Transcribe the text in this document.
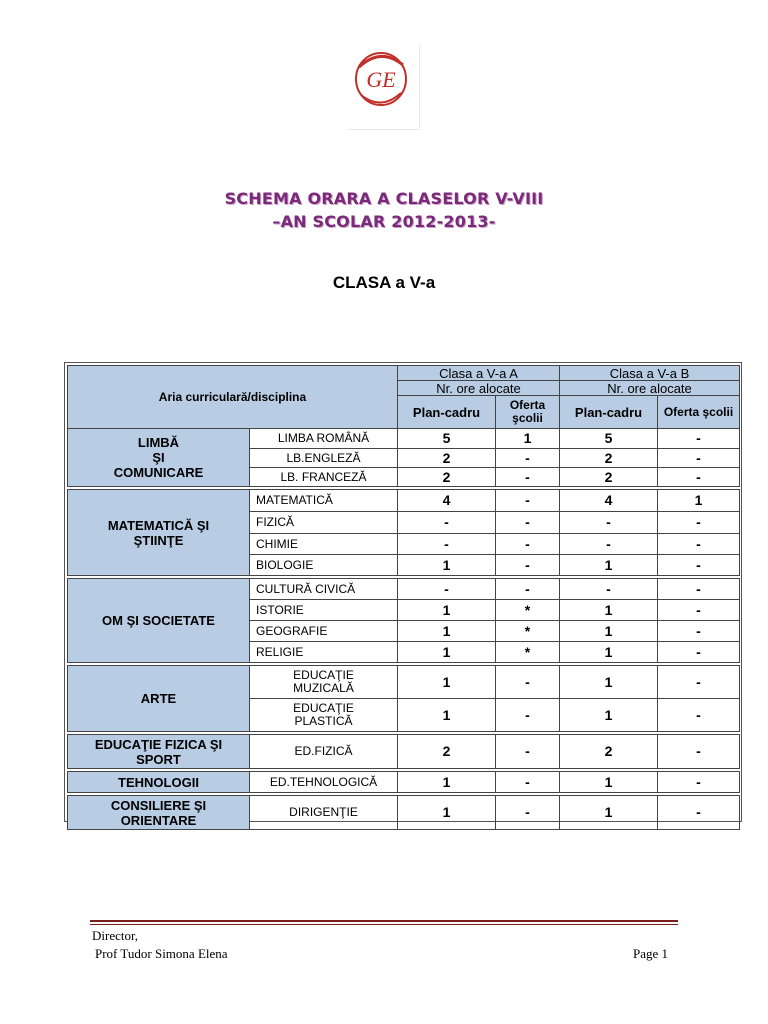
GE
SCHEMA ORARA A CLASELOR V-VIII
–AN SCOLAR 2012-2013-
CLASA a V-a
Aria curriculară/disciplina		Clasa a V-a A		Clasa a V-a B	
		Nr. ore alocate		Nr. ore alocate	
		Plan-cadru	Oferta şcolii	Plan-cadru	Oferta şcolii
LIMBĂ
ŞI
COMUNICARE	LIMBA ROMÂNĂ	5	1	5	-
	LB.ENGLEZĂ	2	-	2	-
	LB. FRANCEZĂ	2	-	2	-

MATEMATICĂ ŞI
ŞTIINŢE	MATEMATICĂ	4	-	4	1
	FIZICĂ	-	-	-	-
	CHIMIE	-	-	-	-
	BIOLOGIE	1	-	1	-

OM ŞI SOCIETATE	CULTURĂ CIVICĂ	-	-	-	-
	ISTORIE	1	*	1	-
	GEOGRAFIE	1	*	1	-
	RELIGIE	1	*	1	-

ARTE	EDUCAŢIE
MUZICALĂ	1	-	1	-
	EDUCAŢIE
PLASTICĂ	1	-	1	-

EDUCAŢIE FIZICA ŞI
SPORT	ED.FIZICĂ	2	-	2	-

TEHNOLOGII	ED.TEHNOLOGICĂ	1	-	1	-

CONSILIERE ŞI
ORIENTARE	DIRIGENŢIE	1	-	1	-
Director,
Prof Tudor Simona Elena	Page 1
